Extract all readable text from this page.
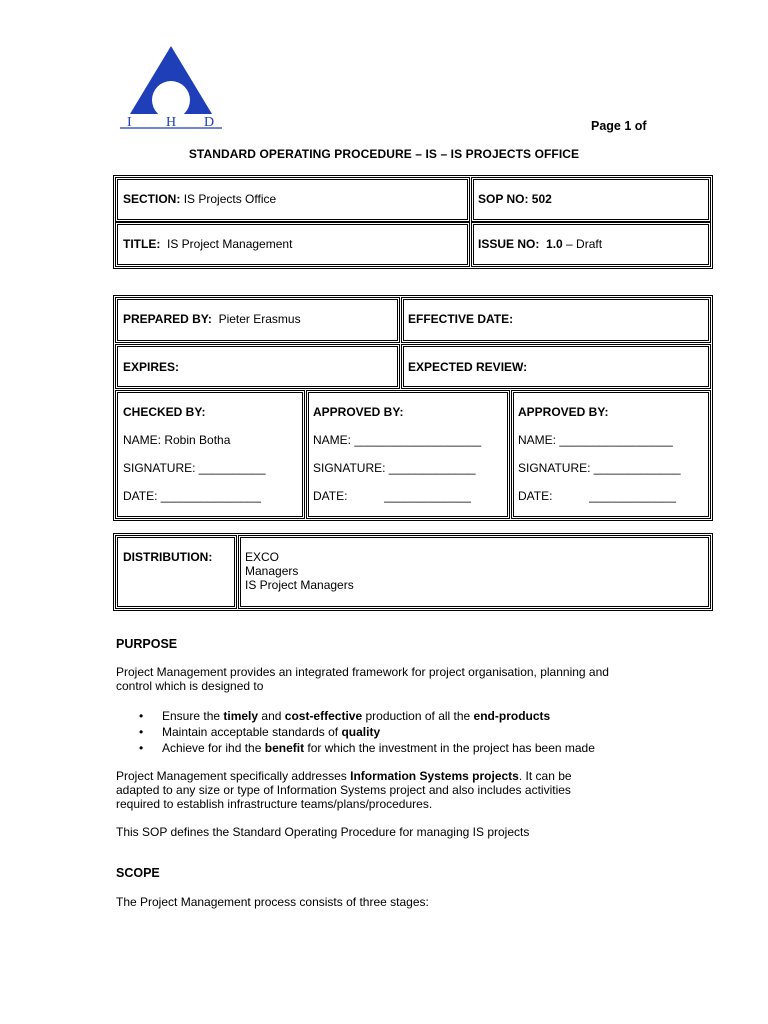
I H D	Page 1 of
STANDARD OPERATING PROCEDURE – IS – IS PROJECTS OFFICE
SECTION: IS Projects Office	SOP NO: 502
TITLE: IS Project Management	ISSUE NO: 1.0 – Draft
PREPARED BY: Pieter Erasmus	EFFECTIVE DATE:
EXPIRES:	EXPECTED REVIEW:
CHECKED BY:
NAME: Robin Botha
SIGNATURE: __________
DATE: _______________
APPROVED BY:
NAME: ___________________
SIGNATURE: _____________
DATE:           _____________
APPROVED BY:
NAME: _________________
SIGNATURE: _____________
DATE:           _____________
DISTRIBUTION:	EXCO
Managers
IS Project Managers
PURPOSE
Project Management provides an integrated framework for project organisation, planning and
control which is designed to
• Ensure the timely and cost-effective production of all the end-products
• Maintain acceptable standards of quality
• Achieve for ihd the benefit for which the investment in the project has been made
Project Management specifically addresses Information Systems projects. It can be
adapted to any size or type of Information Systems project and also includes activities
required to establish infrastructure teams/plans/procedures.
This SOP defines the Standard Operating Procedure for managing IS projects
SCOPE
The Project Management process consists of three stages:
